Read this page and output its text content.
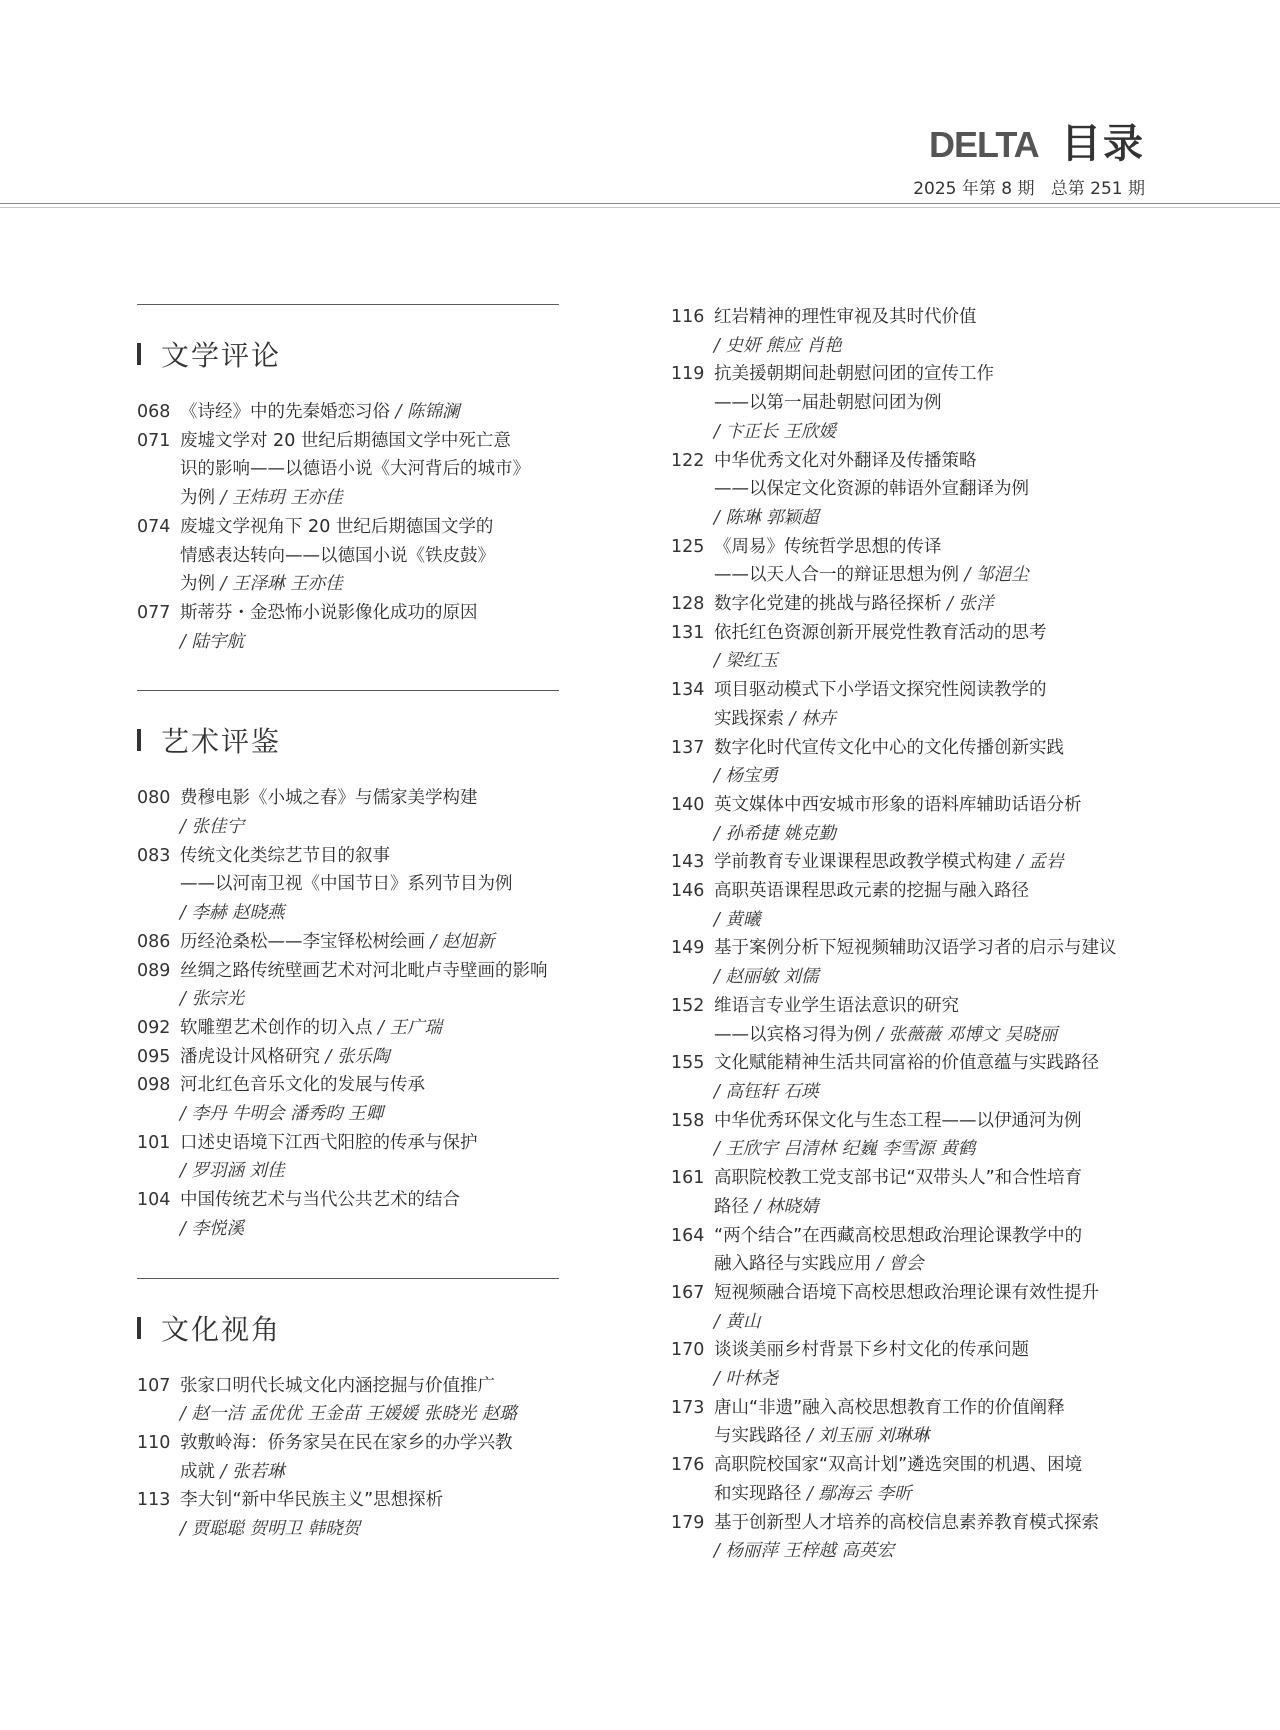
DELTA 目录
2025 年第 8 期   总第 251 期
文学评论
068 《诗经》中的先秦婚恋习俗 / 陈锦澜
071 废墟文学对 20 世纪后期德国文学中死亡意
识的影响——以德语小说《大河背后的城市》
为例 / 王炜玥 王亦佳
074 废墟文学视角下 20 世纪后期德国文学的
情感表达转向——以德国小说《铁皮鼓》
为例 / 王泽琳 王亦佳
077 斯蒂芬・金恐怖小说影像化成功的原因
/ 陆宇航
艺术评鉴
080 费穆电影《小城之春》与儒家美学构建
/ 张佳宁
083 传统文化类综艺节目的叙事
——以河南卫视《中国节日》系列节目为例
/ 李赫 赵晓燕
086 历经沧桑松——李宝铎松树绘画 / 赵旭新
089 丝绸之路传统壁画艺术对河北毗卢寺壁画的影响
/ 张宗光
092 软雕塑艺术创作的切入点 / 王广瑞
095 潘虎设计风格研究 / 张乐陶
098 河北红色音乐文化的发展与传承
/ 李丹 牛明会 潘秀昀 王卿
101 口述史语境下江西弋阳腔的传承与保护
/ 罗羽涵 刘佳
104 中国传统艺术与当代公共艺术的结合
/ 李悦溪
文化视角
107 张家口明代长城文化内涵挖掘与价值推广
/ 赵一洁 孟优优 王金苗 王媛媛 张晓光 赵璐
110 敦敷岭海：侨务家吴在民在家乡的办学兴教
成就 / 张若琳
113 李大钊“新中华民族主义”思想探析
/ 贾聪聪 贺明卫 韩晓贺
116 红岩精神的理性审视及其时代价值
/ 史妍 熊应 肖艳
119 抗美援朝期间赴朝慰问团的宣传工作
——以第一届赴朝慰问团为例
/ 卞正长 王欣媛
122 中华优秀文化对外翻译及传播策略
——以保定文化资源的韩语外宣翻译为例
/ 陈琳 郭颖超
125 《周易》传统哲学思想的传译
——以天人合一的辩证思想为例 / 邹浥尘
128 数字化党建的挑战与路径探析 / 张洋
131 依托红色资源创新开展党性教育活动的思考
/ 梁红玉
134 项目驱动模式下小学语文探究性阅读教学的
实践探索 / 林卉
137 数字化时代宣传文化中心的文化传播创新实践
/ 杨宝勇
140 英文媒体中西安城市形象的语料库辅助话语分析
/ 孙希捷 姚克勤
143 学前教育专业课课程思政教学模式构建 / 孟岩
146 高职英语课程思政元素的挖掘与融入路径
/ 黄曦
149 基于案例分析下短视频辅助汉语学习者的启示与建议
/ 赵丽敏 刘儒
152 维语言专业学生语法意识的研究
——以宾格习得为例 / 张薇薇 邓博文 吴晓丽
155 文化赋能精神生活共同富裕的价值意蕴与实践路径
/ 高钰轩 石瑛
158 中华优秀环保文化与生态工程——以伊通河为例
/ 王欣宇 吕清林 纪巍 李雪源 黄鹤
161 高职院校教工党支部书记“双带头人”和合性培育
路径 / 林晓婧
164 “两个结合”在西藏高校思想政治理论课教学中的
融入路径与实践应用 / 曾会
167 短视频融合语境下高校思想政治理论课有效性提升
/ 黄山
170 谈谈美丽乡村背景下乡村文化的传承问题
/ 叶林尧
173 唐山“非遗”融入高校思想教育工作的价值阐释
与实践路径 / 刘玉丽 刘琳琳
176 高职院校国家“双高计划”遴选突围的机遇、困境
和实现路径 / 鄢海云 李昕
179 基于创新型人才培养的高校信息素养教育模式探索
/ 杨丽萍 王梓越 高英宏
